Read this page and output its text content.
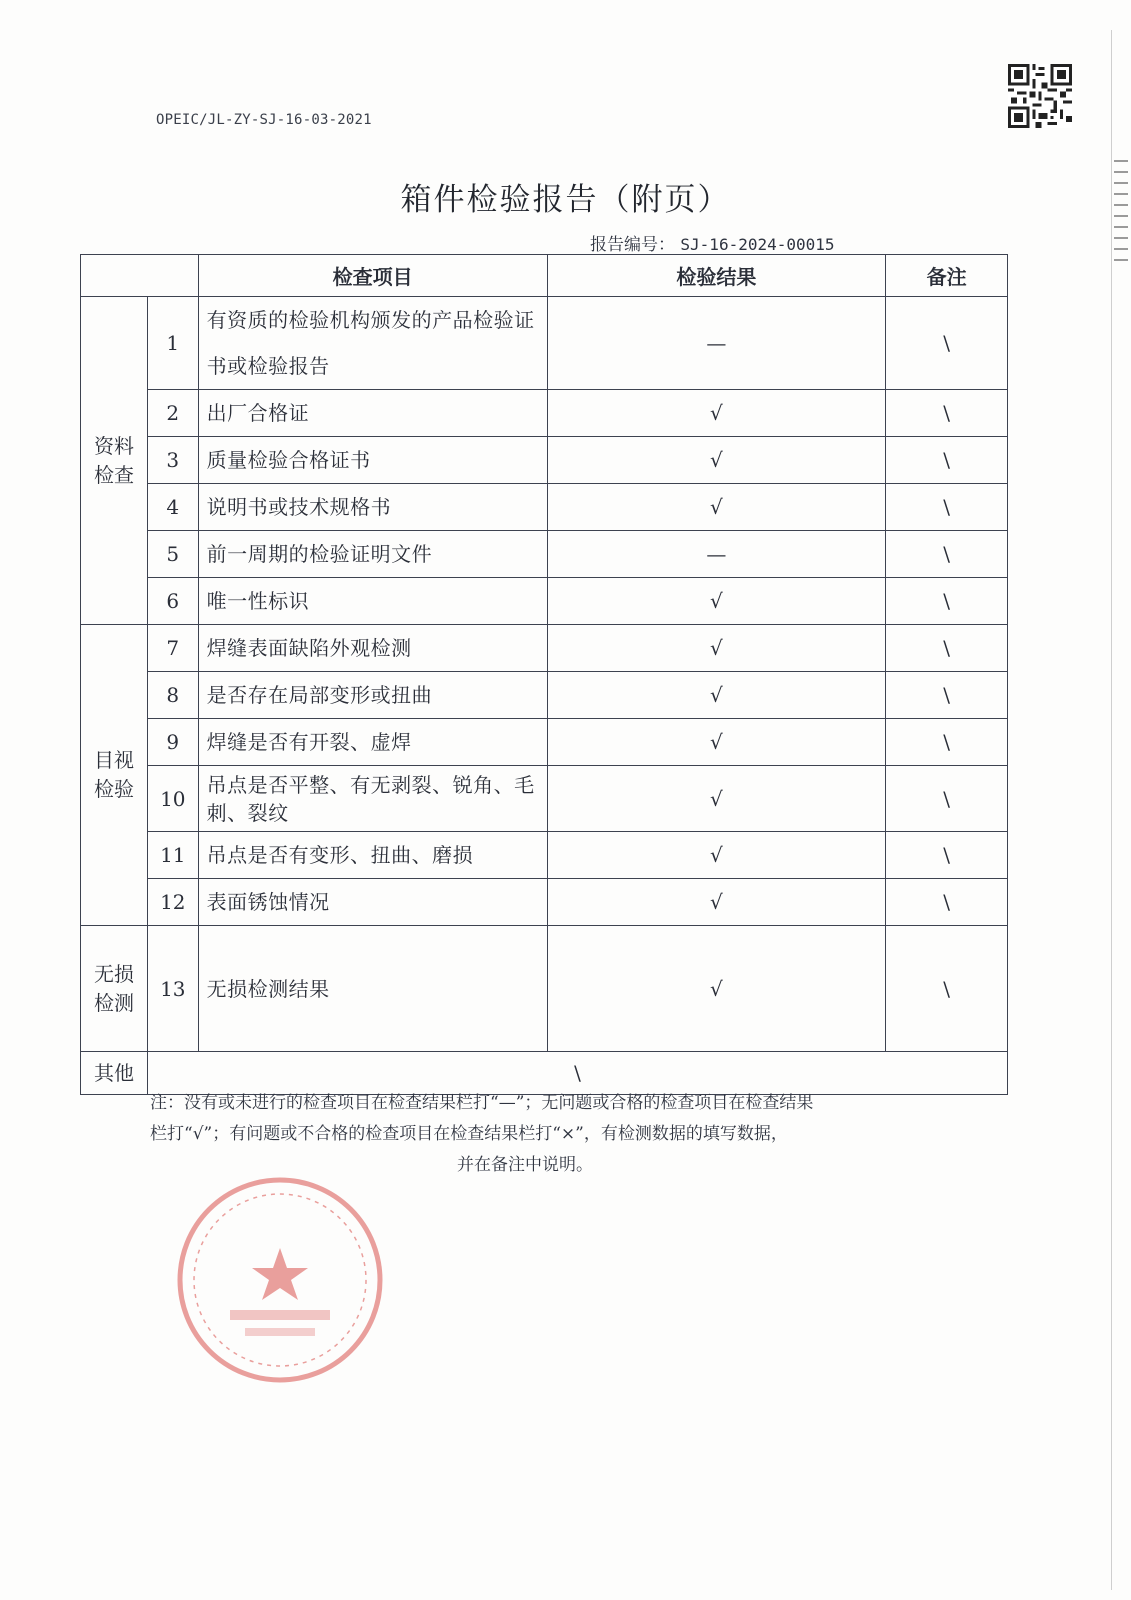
OPEIC/JL-ZY-SJ-16-03-2021
箱件检验报告（附页）
报告编号： SJ-16-2024-00015
		检查项目	检验结果	备注
资料检查	1	有资质的检验机构颁发的产品检验证书或检验报告	—	\
	2	出厂合格证	√	\
	3	质量检验合格证书	√	\
	4	说明书或技术规格书	√	\
	5	前一周期的检验证明文件	—	\
	6	唯一性标识	√	\
目视检验	7	焊缝表面缺陷外观检测	√	\
	8	是否存在局部变形或扭曲	√	\
	9	焊缝是否有开裂、虚焊	√	\
	10	吊点是否平整、有无剥裂、锐角、毛刺、裂纹	√	\
	11	吊点是否有变形、扭曲、磨损	√	\
	12	表面锈蚀情况	√	\
无损检测	13	无损检测结果	√	\
其他	\			
注：没有或未进行的检查项目在检查结果栏打“—”；无问题或合格的检查项目在检查结果
栏打“√”；有问题或不合格的检查项目在检查结果栏打“×”，有检测数据的填写数据，

并在备注中说明。
